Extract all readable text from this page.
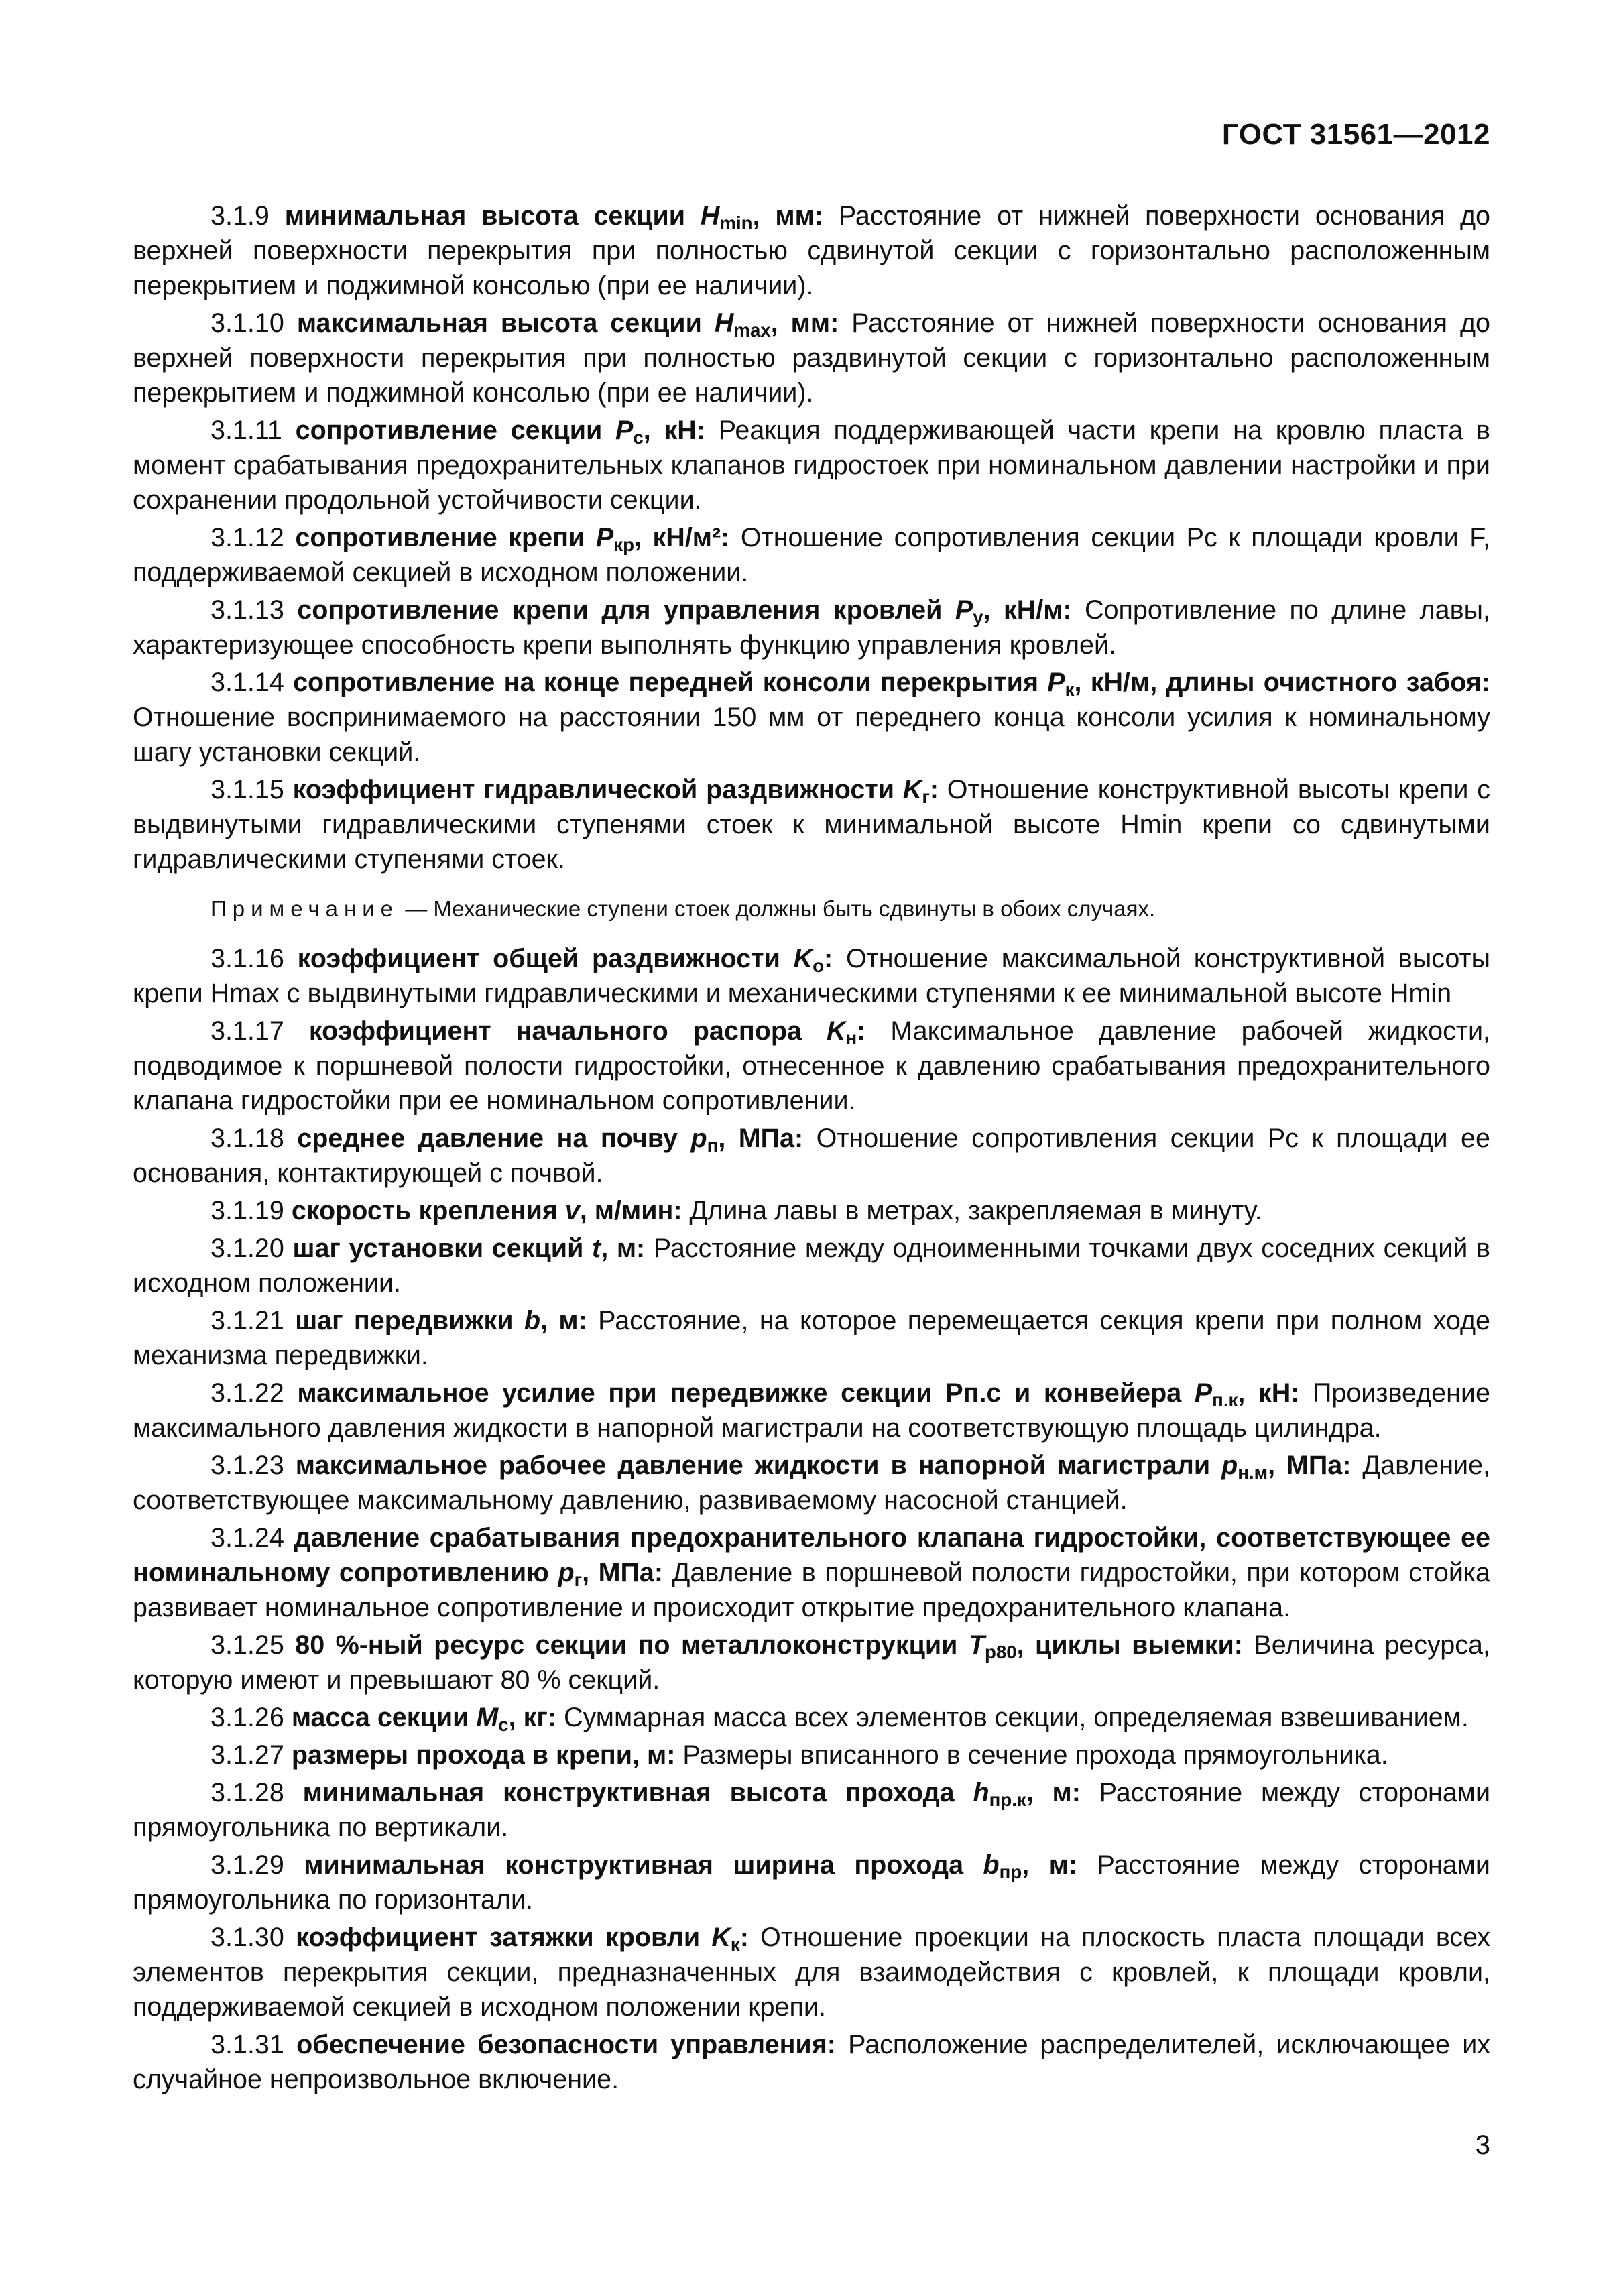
ГОСТ 31561—2012

3.1.9 минимальная высота секции $H_{min}$, мм: Расстояние от нижней поверхности основания до верхней поверхности перекрытия при полностью сдвинутой секции с горизонтально расположенным перекрытием и поджимной консолью (при ее наличии).

3.1.10 максимальная высота секции $H_{max}$, мм: Расстояние от нижней поверхности основания до верхней поверхности перекрытия при полностью раздвинутой секции с горизонтально расположенным перекрытием и поджимной консолью (при ее наличии).

3.1.11 сопротивление секции $P_с$, кН: Реакция поддерживающей части крепи на кровлю пласта в момент срабатывания предохранительных клапанов гидростоек при номинальном давлении настройки и при сохранении продольной устойчивости секции.

3.1.12 сопротивление крепи $P_{кр}$, кН/м²: Отношение сопротивления секции Pс к площади кровли F, поддерживаемой секцией в исходном положении.

3.1.13 сопротивление крепи для управления кровлей $P_у$, кН/м: Сопротивление по длине лавы, характеризующее способность крепи выполнять функцию управления кровлей.

3.1.14 сопротивление на конце передней консоли перекрытия $P_к$, кН/м, длины очистного забоя: Отношение воспринимаемого на расстоянии 150 мм от переднего конца консоли усилия к номинальному шагу установки секций.

3.1.15 коэффициент гидравлической раздвижности $K_г$: Отношение конструктивной высоты крепи с выдвинутыми гидравлическими ступенями стоек к минимальной высоте Hmin крепи со сдвинутыми гидравлическими ступенями стоек.

Примечание — Механические ступени стоек должны быть сдвинуты в обоих случаях.

3.1.16 коэффициент общей раздвижности $K_о$: Отношение максимальной конструктивной высоты крепи Hmax с выдвинутыми гидравлическими и механическими ступенями к ее минимальной высоте Hmin

3.1.17 коэффициент начального распора $K_н$: Максимальное давление рабочей жидкости, подводимое к поршневой полости гидростойки, отнесенное к давлению срабатывания предохранительного клапана гидростойки при ее номинальном сопротивлении.

3.1.18 среднее давление на почву $p_п$, МПа: Отношение сопротивления секции Pс к площади ее основания, контактирующей с почвой.

3.1.19 скорость крепления v, м/мин: Длина лавы в метрах, закрепляемая в минуту.

3.1.20 шаг установки секций t, м: Расстояние между одноименными точками двух соседних секций в исходном положении.

3.1.21 шаг передвижки b, м: Расстояние, на которое перемещается секция крепи при полном ходе механизма передвижки.

3.1.22 максимальное усилие при передвижке секции Pп.с и конвейера $P_{п.к}$, кН: Произведение максимального давления жидкости в напорной магистрали на соответствующую площадь цилиндра.

3.1.23 максимальное рабочее давление жидкости в напорной магистрали $p_{н.м}$, МПа: Давление, соответствующее максимальному давлению, развиваемому насосной станцией.

3.1.24 давление срабатывания предохранительного клапана гидростойки, соответствующее ее номинальному сопротивлению $p_г$, МПа: Давление в поршневой полости гидростойки, при котором стойка развивает номинальное сопротивление и происходит открытие предохранительного клапана.

3.1.25 80 %-ный ресурс секции по металлоконструкции $T_{р80}$, циклы выемки: Величина ресурса, которую имеют и превышают 80 % секций.

3.1.26 масса секции $M_с$, кг: Суммарная масса всех элементов секции, определяемая взвешиванием.

3.1.27 размеры прохода в крепи, м: Размеры вписанного в сечение прохода прямоугольника.

3.1.28 минимальная конструктивная высота прохода $h_{пр.к}$, м: Расстояние между сторонами прямоугольника по вертикали.

3.1.29 минимальная конструктивная ширина прохода $b_{пр}$, м: Расстояние между сторонами прямоугольника по горизонтали.

3.1.30 коэффициент затяжки кровли $K_к$: Отношение проекции на плоскость пласта площади всех элементов перекрытия секции, предназначенных для взаимодействия с кровлей, к площади кровли, поддерживаемой секцией в исходном положении крепи.

3.1.31 обеспечение безопасности управления: Расположение распределителей, исключающее их случайное непроизвольное включение.

3
